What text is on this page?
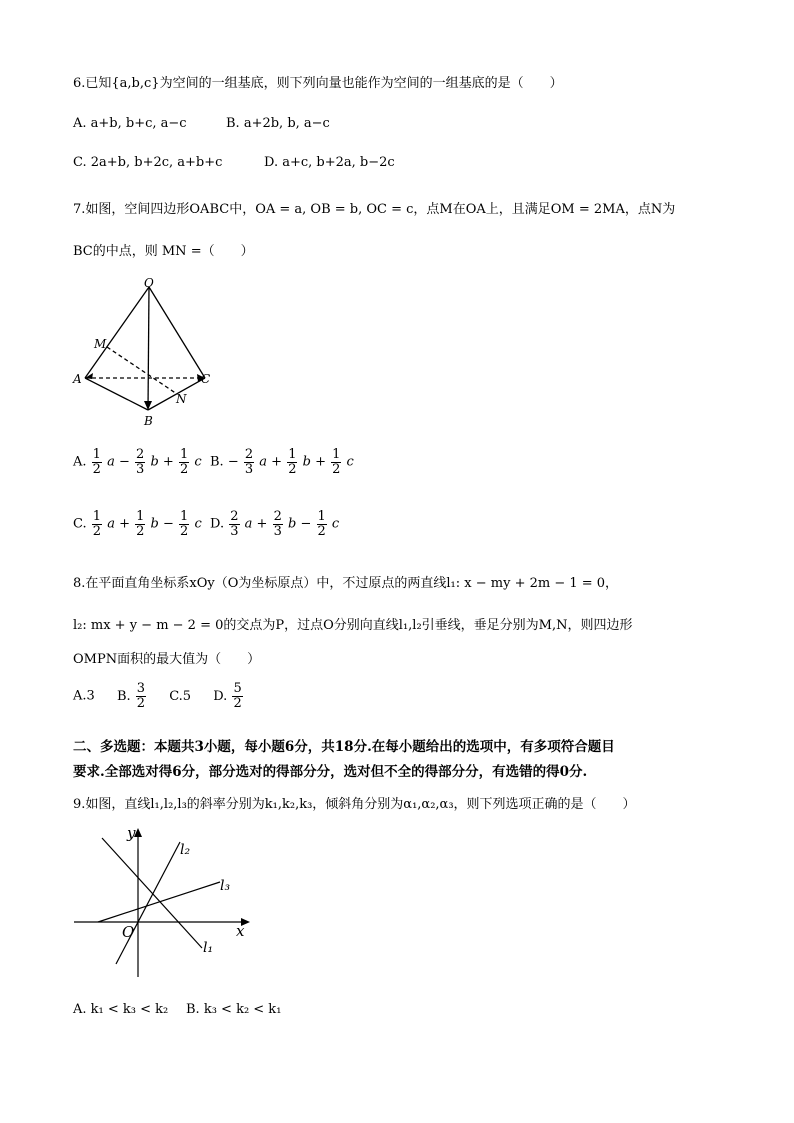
6.已知{a,b,c}为空间的一组基底，则下列向量也能作为空间的一组基底的是（　　）
A. a+b, b+c, a−c	B. a+2b, b, a−c
C. 2a+b, b+2c, a+b+c	D. a+c, b+2a, b−2c
7.如图，空间四边形OABC中，OA = a, OB = b, OC = c，点M在OA上，且满足OM = 2MA，点N为
BC的中点，则 MN =（　　）
O
M
A
B
C
N
A. $\frac{1}{2}$ $a - \frac{2}{3}$ $b + \frac{1}{2}$ c B. − $\frac{2}{3}$ $a + \frac{1}{2}$ $b + \frac{1}{2}$ c
C. $\frac{1}{2}$ $a + \frac{1}{2}$ $b - \frac{1}{2}$ c D. $\frac{2}{3}$ $a + \frac{2}{3}$ $b - \frac{1}{2}$ c
8.在平面直角坐标系xOy（O为坐标原点）中，不过原点的两直线l₁: x − my + 2m − 1 = 0，
l₂: mx + y − m − 2 = 0的交点为P，过点O分别向直线l₁,l₂引垂线，垂足分别为M,N，则四边形
OMPN面积的最大值为（　　）
A.3 B. $\frac{3}{2} C.5$ D. $\frac{5}{2}$
二、多选题：本题共3小题，每小题6分，共18分.在每小题给出的选项中，有多项符合题目
要求.全部选对得6分，部分选对的得部分分，选对但不全的得部分分，有选错的得0分.
9.如图，直线l₁,l₂,l₃的斜率分别为k₁,k₂,k₃，倾斜角分别为α₁,α₂,α₃，则下列选项正确的是（　　）
y
x
O
l₂
l₃
l₁
A. k₁ < k₃ < k₂ B. k₃ < k₂ < k₁
